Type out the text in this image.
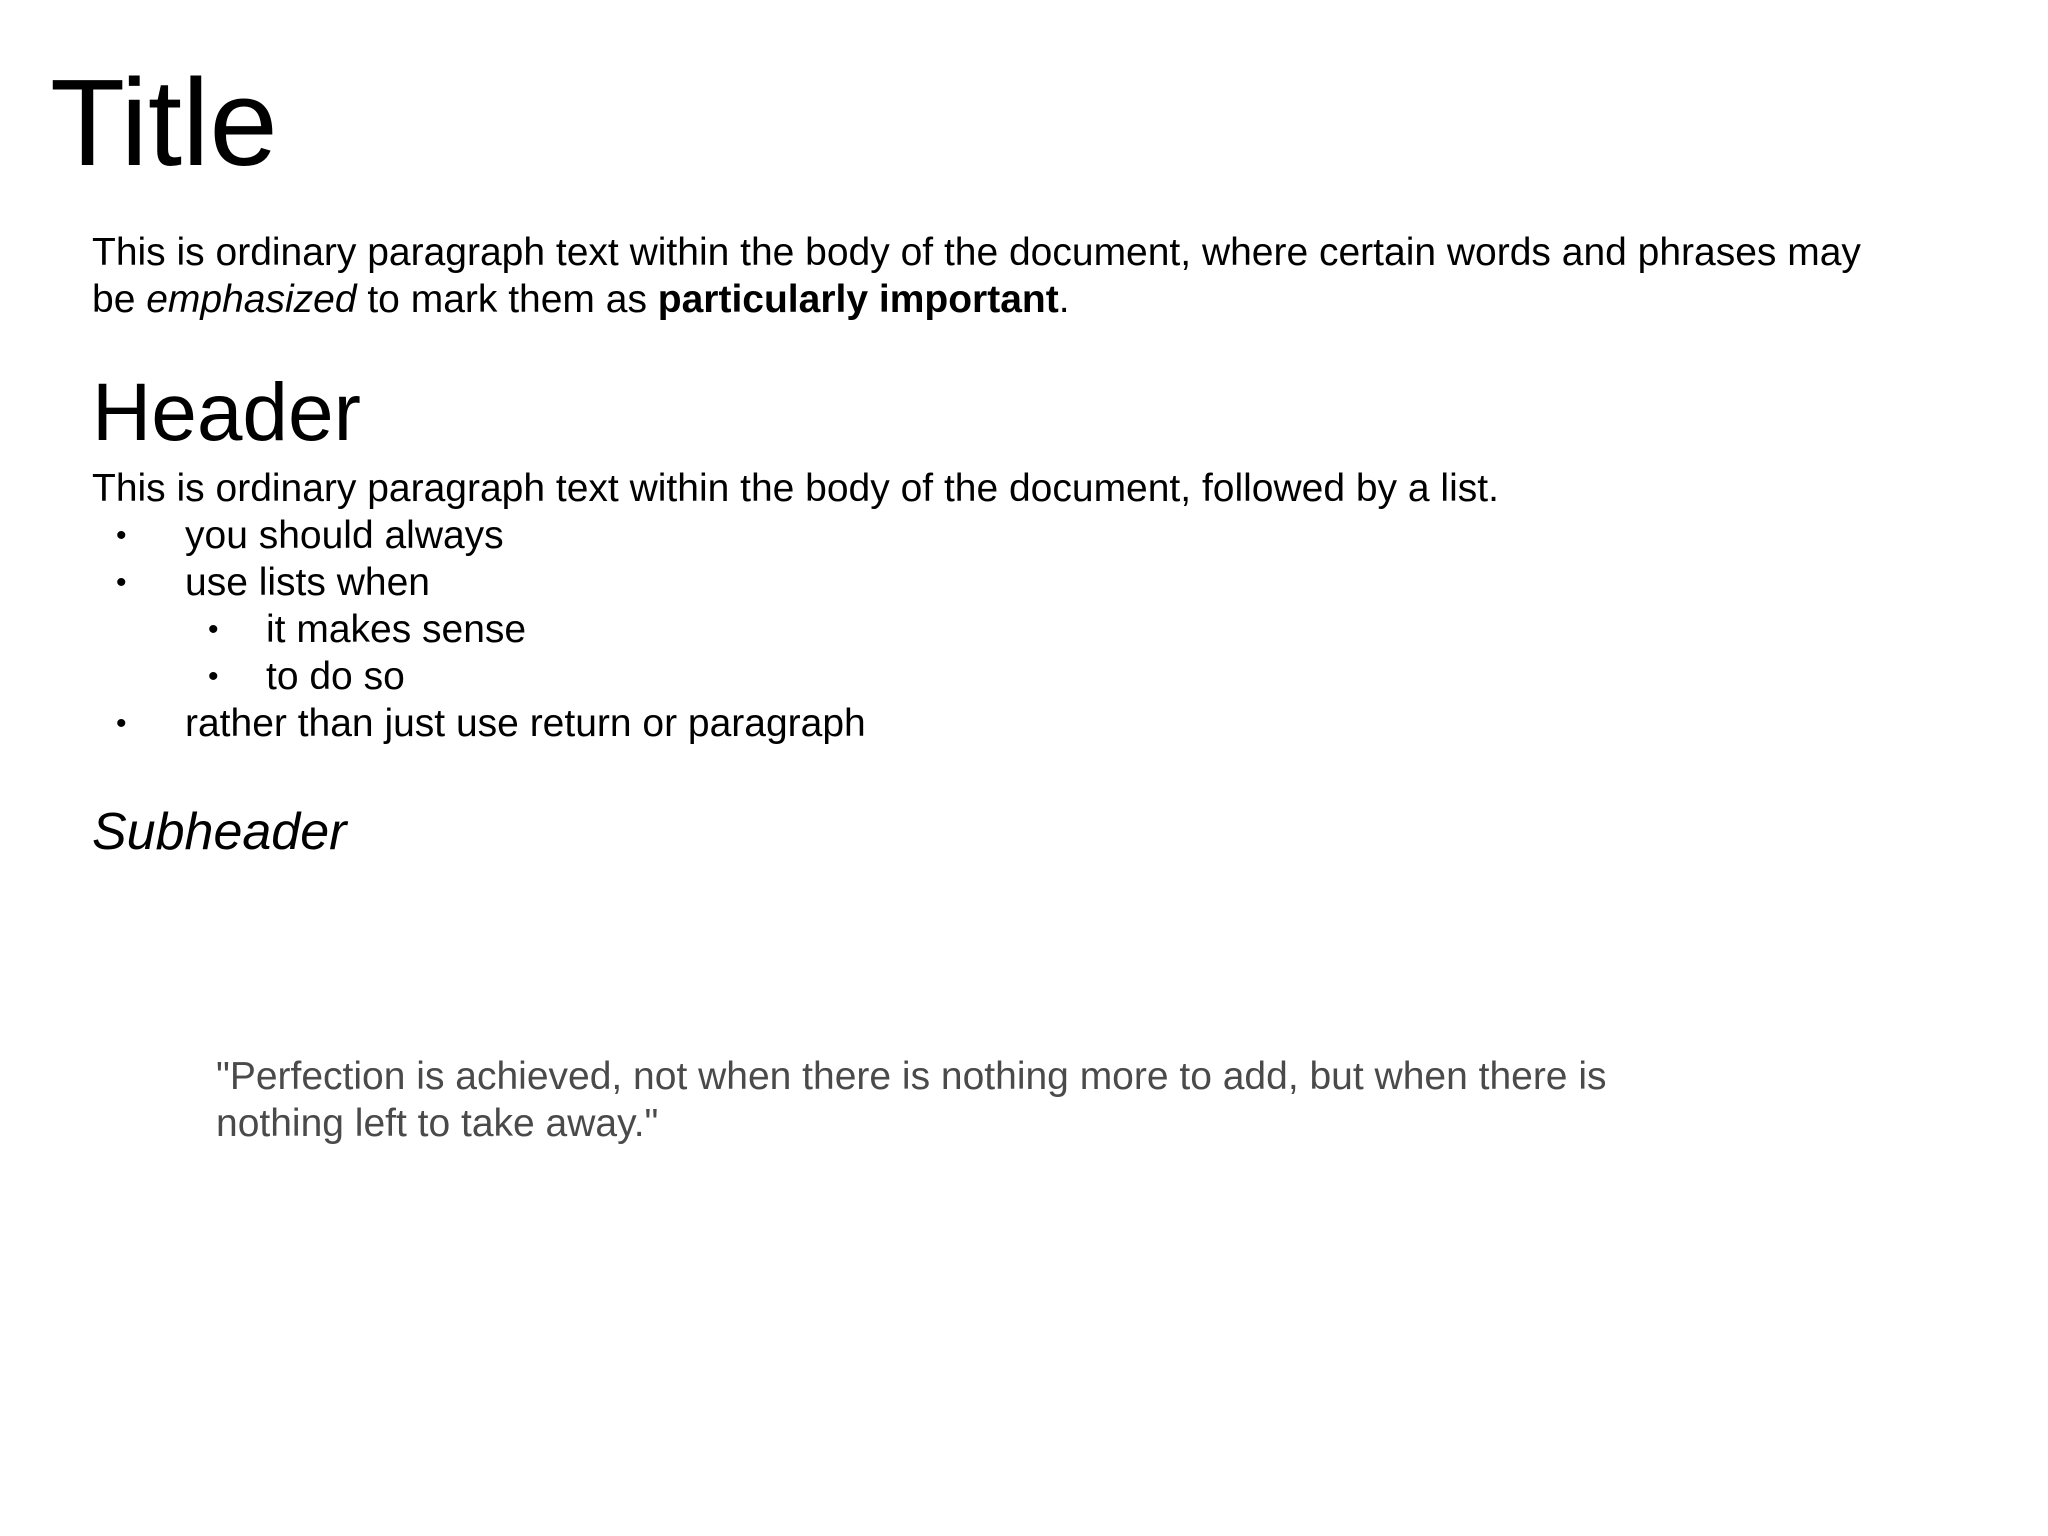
Title

This is ordinary paragraph text within the body of the document, where certain words and phrases may
be emphasized to mark them as particularly important.

Header

This is ordinary paragraph text within the body of the document, followed by a list.

• you should always
• use lists when
• it makes sense
• to do so
• rather than just use return or paragraph
Subheader
"Perfection is achieved, not when there is nothing more to add, but when there is nothing left to take away."
